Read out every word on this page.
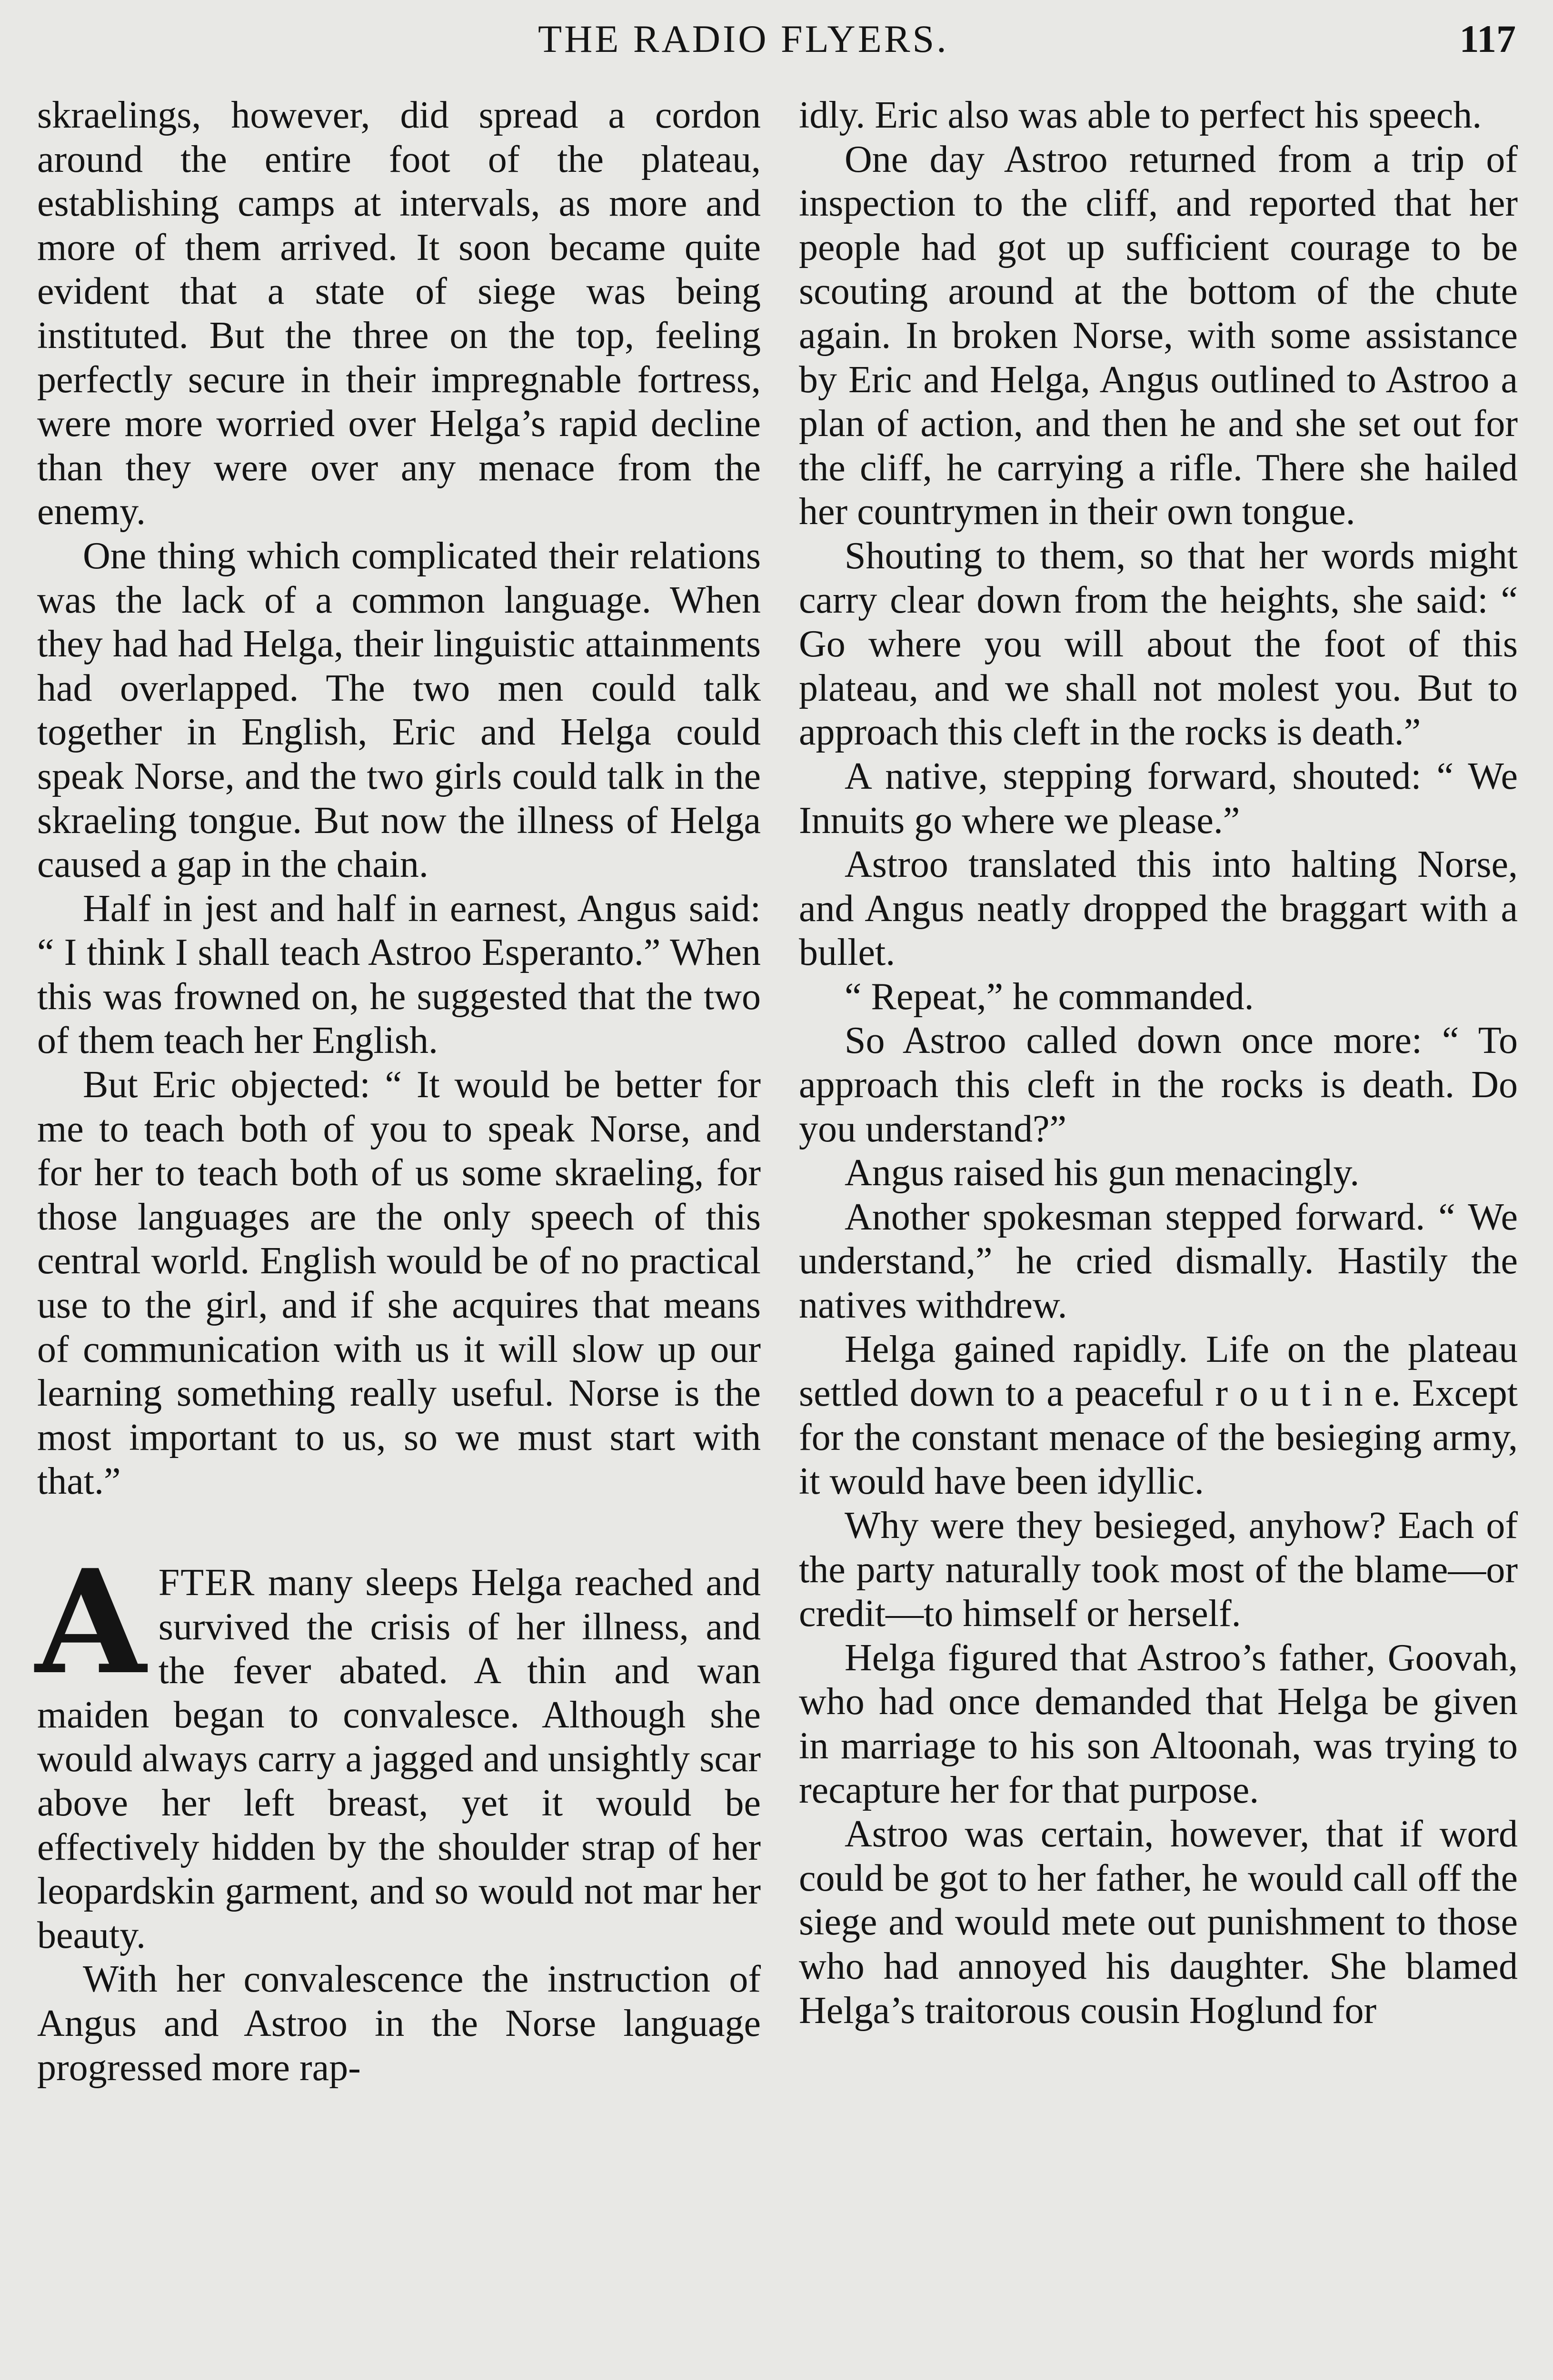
THE RADIO FLYERS.	117

skraelings, however, did spread a cordon around the entire foot of the plateau, establishing camps at intervals, as more and more of them arrived. It soon became quite evident that a state of siege was being instituted. But the three on the top, feeling perfectly secure in their impregnable fortress, were more worried over Helga’s rapid decline than they were over any menace from the enemy.

One thing which complicated their relations was the lack of a common language. When they had had Helga, their linguistic attainments had overlapped. The two men could talk together in English, Eric and Helga could speak Norse, and the two girls could talk in the skraeling tongue. But now the illness of Helga caused a gap in the chain.

Half in jest and half in earnest, Angus said: “ I think I shall teach Astroo Esperanto.” When this was frowned on, he suggested that the two of them teach her English.

But Eric objected: “ It would be better for me to teach both of you to speak Norse, and for her to teach both of us some skraeling, for those languages are the only speech of this central world. English would be of no practical use to the girl, and if she acquires that means of communication with us it will slow up our learning something really useful. Norse is the most important to us, so we must start with that.”

AFTER many sleeps Helga reached and survived the crisis of her illness, and the fever abated. A thin and wan maiden began to convalesce. Although she would always carry a jagged and unsightly scar above her left breast, yet it would be effectively hidden by the shoulder strap of her leopardskin garment, and so would not mar her beauty.

With her convalescence the instruction of Angus and Astroo in the Norse language progressed more rap-

idly. Eric also was able to perfect his speech.

One day Astroo returned from a trip of inspection to the cliff, and reported that her people had got up sufficient courage to be scouting around at the bottom of the chute again. In broken Norse, with some assistance by Eric and Helga, Angus outlined to Astroo a plan of action, and then he and she set out for the cliff, he carrying a rifle. There she hailed her countrymen in their own tongue.

Shouting to them, so that her words might carry clear down from the heights, she said: “ Go where you will about the foot of this plateau, and we shall not molest you. But to approach this cleft in the rocks is death.”

A native, stepping forward, shouted: “ We Innuits go where we please.”

Astroo translated this into halting Norse, and Angus neatly dropped the braggart with a bullet.

“ Repeat,” he commanded.

So Astroo called down once more: “ To approach this cleft in the rocks is death. Do you understand?”

Angus raised his gun menacingly.

Another spokesman stepped forward. “ We understand,” he cried dismally. Hastily the natives withdrew.

Helga gained rapidly. Life on the plateau settled down to a peaceful r o u t i n e. Except for the constant menace of the besieging army, it would have been idyllic.

Why were they besieged, anyhow? Each of the party naturally took most of the blame—or credit—to himself or herself.

Helga figured that Astroo’s father, Goovah, who had once demanded that Helga be given in marriage to his son Altoonah, was trying to recapture her for that purpose.

Astroo was certain, however, that if word could be got to her father, he would call off the siege and would mete out punishment to those who had annoyed his daughter. She blamed Helga’s traitorous cousin Hoglund for
